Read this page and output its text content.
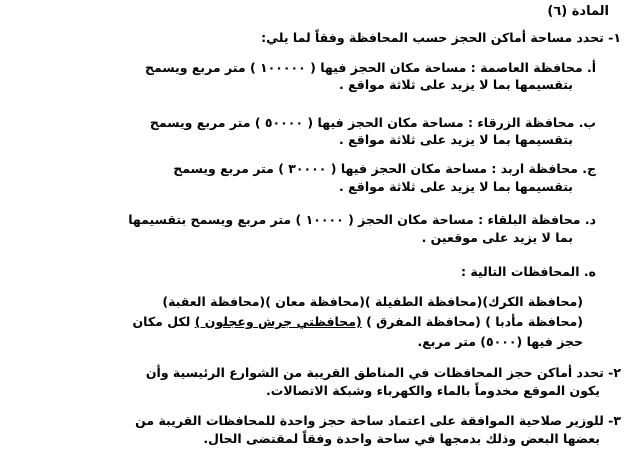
المادة (٦)
١- تحدد مساحة أماكن الحجز حسب المحافظة وفقاً لما يلي:
أ. محافظة العاصمة : مساحة مكان الحجز فيها ( ١٠٠٠٠٠ ) متر مربع ويسمح
بتقسيمها بما لا يزيد على ثلاثة مواقع .
ب. محافظة الزرقاء : مساحة مكان الحجز فيها ( ٥٠٠٠٠ ) متر مربع ويسمح
بتقسيمها بما لا يزيد على ثلاثة مواقع .
ج. محافظة اربد : مساحة مكان الحجز فيها ( ٣٠٠٠٠ ) متر مربع ويسمح
بتقسيمها بما لا يزيد على ثلاثة مواقع .
د. محافظة البلقاء : مساحة مكان الحجز ( ١٠٠٠٠ ) متر مربع ويسمح بتقسيمها
بما لا يزيد على موقعين .
ه. المحافظات التالية :
(محافظة الكرك)(محافظة الطفيلة )(محافظة معان )(محافظة العقبة)
(محافظة مأدبا ) (محافظة المفرق ) (محافظتي جرش وعجلون ) لكل مكان
حجز فيها (٥٠٠٠) متر مربع.
٢- تحدد أماكن حجز المحافظات في المناطق القريبة من الشوارع الرئيسية وأن
يكون الموقع مخدوماً بالماء والكهرباء وشبكة الاتصالات.
٣- للوزير صلاحية الموافقة على اعتماد ساحة حجز واحدة للمحافظات القريبة من
بعضها البعض وذلك بدمجها في ساحة واحدة وفقاً لمقتضى الحال.
